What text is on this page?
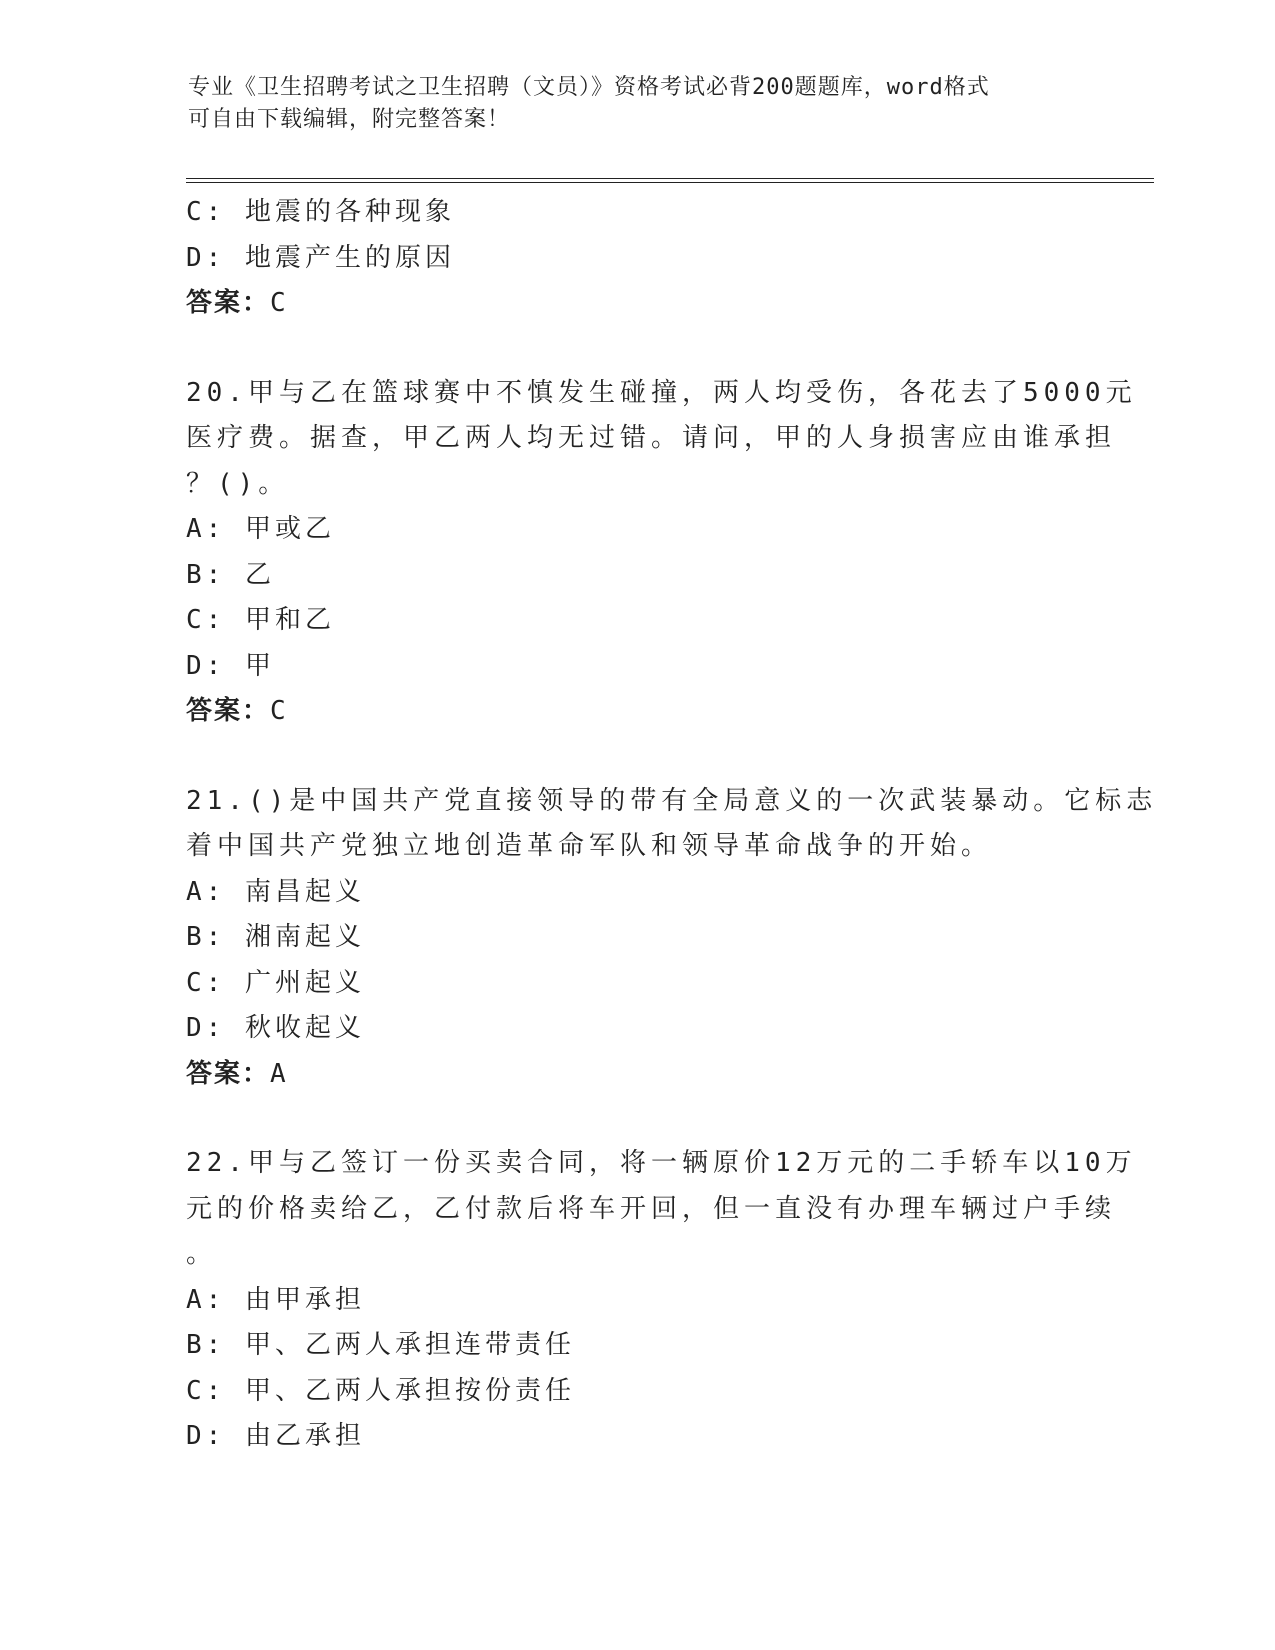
专业《卫生招聘考试之卫生招聘（文员）》资格考试必背200题题库，word格式
可自由下载编辑，附完整答案！
C: 地震的各种现象
D: 地震产生的原因
答案：C
20.甲与乙在篮球赛中不慎发生碰撞，两人均受伤，各花去了5000元
医疗费。据查，甲乙两人均无过错。请问，甲的人身损害应由谁承担
？()。
A: 甲或乙
B: 乙
C: 甲和乙
D: 甲
答案：C
21.()是中国共产党直接领导的带有全局意义的一次武装暴动。它标志
着中国共产党独立地创造革命军队和领导革命战争的开始。
A: 南昌起义
B: 湘南起义
C: 广州起义
D: 秋收起义
答案：A
22.甲与乙签订一份买卖合同，将一辆原价12万元的二手轿车以10万
元的价格卖给乙，乙付款后将车开回，但一直没有办理车辆过户手续
。
A: 由甲承担
B: 甲、乙两人承担连带责任
C: 甲、乙两人承担按份责任
D: 由乙承担
